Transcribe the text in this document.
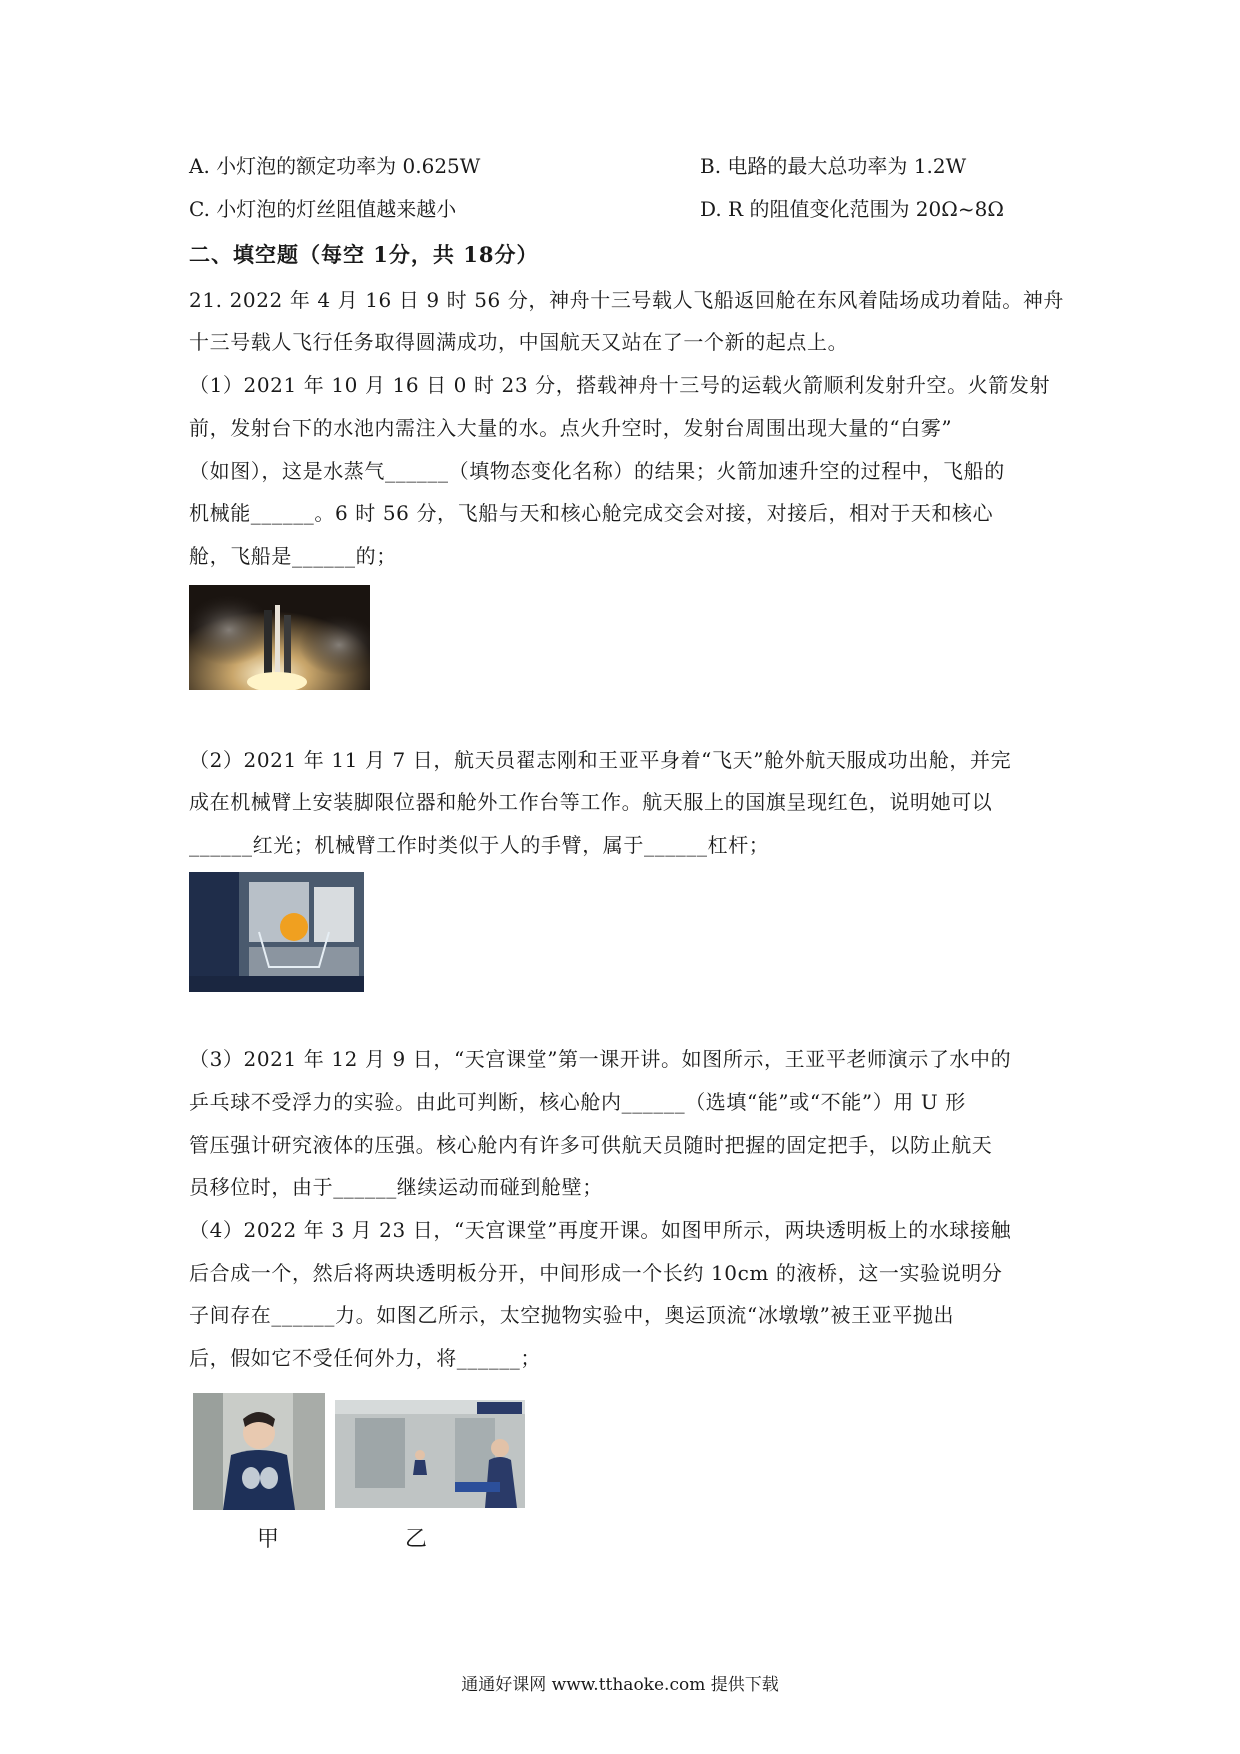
A. 小灯泡的额定功率为 0.625W	B. 电路的最大总功率为 1.2W
C. 小灯泡的灯丝阻值越来越小	D. R 的阻值变化范围为 20Ω~8Ω
二、填空题（每空 1分，共 18分）
21. 2022 年 4 月 16 日 9 时 56 分，神舟十三号载人飞船返回舱在东风着陆场成功着陆。神舟
十三号载人飞行任务取得圆满成功，中国航天又站在了一个新的起点上。
（1）2021 年 10 月 16 日 0 时 23 分，搭载神舟十三号的运载火箭顺利发射升空。火箭发射
前，发射台下的水池内需注入大量的水。点火升空时，发射台周围出现大量的“白雾”
（如图），这是水蒸气______（填物态变化名称）的结果；火箭加速升空的过程中，飞船的
机械能______。6 时 56 分，飞船与天和核心舱完成交会对接，对接后，相对于天和核心
舱，飞船是______的；
（2）2021 年 11 月 7 日，航天员翟志刚和王亚平身着“飞天”舱外航天服成功出舱，并完
成在机械臂上安装脚限位器和舱外工作台等工作。航天服上的国旗呈现红色，说明她可以
______红光；机械臂工作时类似于人的手臂，属于______杠杆；
（3）2021 年 12 月 9 日，“天宫课堂”第一课开讲。如图所示，王亚平老师演示了水中的
乒乓球不受浮力的实验。由此可判断，核心舱内______（选填“能”或“不能”）用 U 形
管压强计研究液体的压强。核心舱内有许多可供航天员随时把握的固定把手，以防止航天
员移位时，由于______继续运动而碰到舱壁；
（4）2022 年 3 月 23 日，“天宫课堂”再度开课。如图甲所示，两块透明板上的水球接触
后合成一个，然后将两块透明板分开，中间形成一个长约 10cm 的液桥，这一实验说明分
子间存在______力。如图乙所示，太空抛物实验中，奥运顶流“冰墩墩”被王亚平抛出
后，假如它不受任何外力，将______；
甲	乙
通通好课网 www.tthaoke.com 提供下载
